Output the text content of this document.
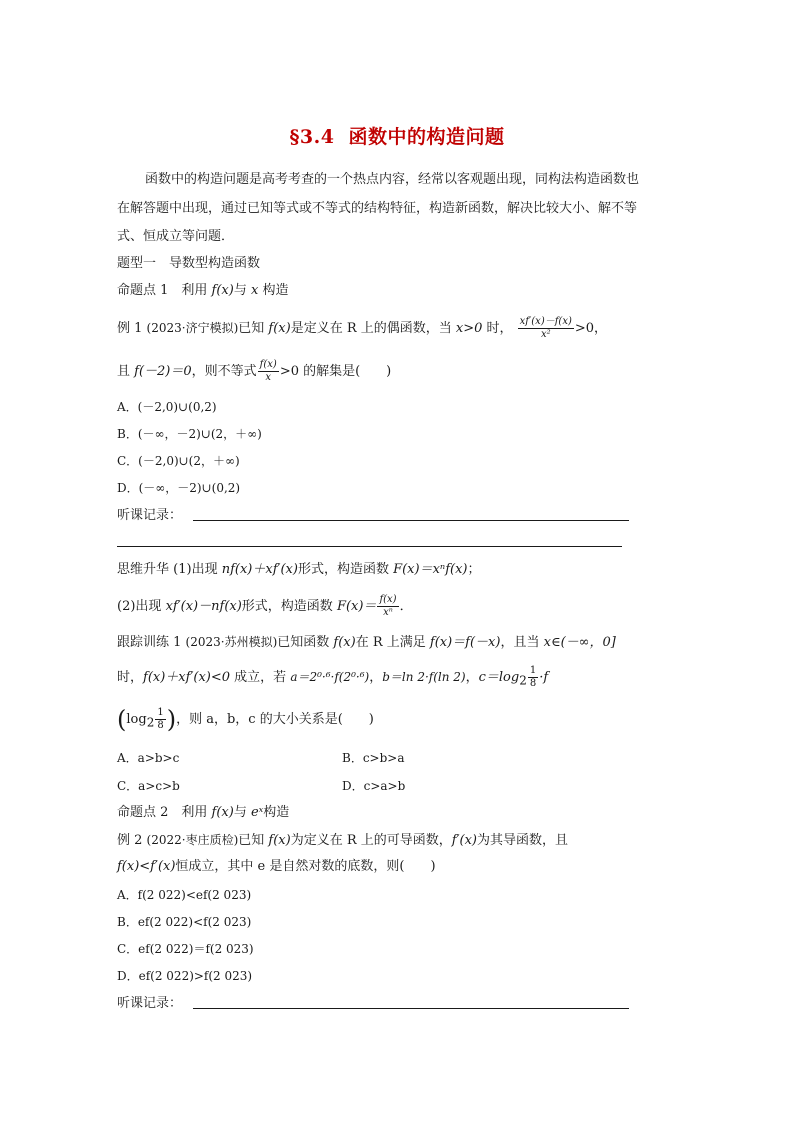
§3.4 函数中的构造问题
函数中的构造问题是高考考查的一个热点内容，经常以客观题出现，同构法构造函数也
在解答题中出现，通过已知等式或不等式的结构特征，构造新函数，解决比较大小、解不等
式、恒成立等问题．
题型一　导数型构造函数
命题点 1　利用 f(x)与 x 构造
例 1 (2023·济宁模拟)已知 f(x)是定义在 R 上的偶函数，当 x>0 时， $\frac{xf'(x)-f(x)}{\text{x²}} >0$，
且 f(－2)＝0，则不等式 $\frac{f(x)}{x} >0$ 的解集是(　　)
A．(－2,0)∪(0,2)
B．(－∞，－2)∪(2，＋∞)
C．(－2,0)∪(2，＋∞)
D．(－∞，－2)∪(0,2)
听课记录：
思维升华 (1)出现 nf(x)＋xf′(x)形式，构造函数 F(x)＝xⁿf(x)；
(2)出现 xf′(x)－nf(x)形式，构造函数 $F(x)= \frac{f(x)}{\text{xⁿ}}$ ．
跟踪训练 1 (2023·苏州模拟)已知函数 f(x)在 R 上满足 f(x)＝f(－x)，且当 x∈(－∞，0]
时，f(x)＋xf′(x)<0 成立，若 a＝2⁰·⁶·f(2⁰·⁶)，b＝ln 2·f(ln 2)，$c=\log_2 \frac{1}{8} \cdot f$
($\log_2 \frac{1}{8}$ )，则 a，b，c 的大小关系是(　　)
A．a>b>c	B．c>b>a
C．a>c>b	D．c>a>b
命题点 2　利用 f(x)与 eˣ构造
例 2 (2022·枣庄质检)已知 f(x)为定义在 R 上的可导函数，f′(x)为其导函数，且
f(x)<f′(x)恒成立，其中 e 是自然对数的底数，则(　　)
A．f(2 022)<ef(2 023)
B．ef(2 022)<f(2 023)
C．ef(2 022)＝f(2 023)
D．ef(2 022)>f(2 023)
听课记录：
